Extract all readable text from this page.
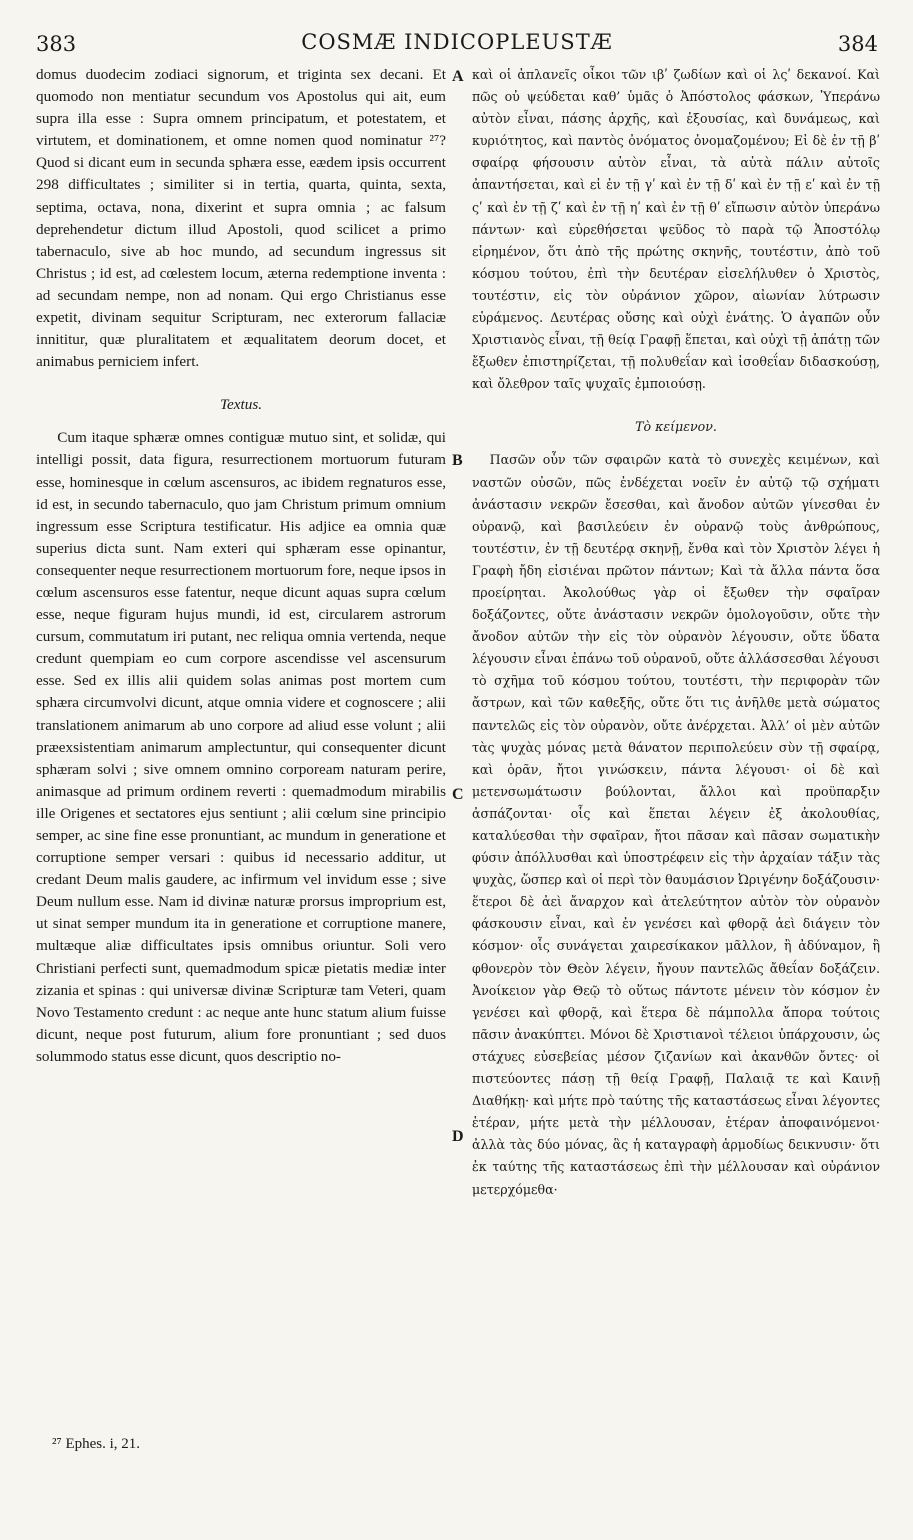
383	COSMÆ INDICOPLEUSTÆ	384

domus duodecim zodiaci signorum, et triginta sex decani. Et quomodo non mentiatur secundum vos Apostolus qui ait, eum supra illa esse : Supra omnem principatum, et potestatem, et virtutem, et dominationem, et omne nomen quod nominatur ²⁷? Quod si dicant eum in secunda sphæra esse, eædem ipsis occurrent 298 difficultates ; similiter si in tertia, quarta, quinta, sexta, septima, octava, nona, dixerint et supra omnia ; ac falsum deprehendetur dictum illud Apostoli, quod scilicet a primo tabernaculo, sive ab hoc mundo, ad secundum ingressus sit Christus ; id est, ad cœlestem locum, æterna redemptione inventa : ad secundam nempe, non ad nonam. Qui ergo Christianus esse expetit, divinam sequitur Scripturam, nec exterorum fallaciæ innititur, quæ pluralitatem et æqualitatem deorum docet, et animabus perniciem infert.

Textus.

Cum itaque sphæræ omnes contiguæ mutuo sint, et solidæ, qui intelligi possit, data figura, resurrectionem mortuorum futuram esse, hominesque in cœlum ascensuros, ac ibidem regnaturos esse, id est, in secundo tabernaculo, quo jam Christum primum omnium ingressum esse Scriptura testificatur. His adjice ea omnia quæ superius dicta sunt. Nam exteri qui sphæram esse opinantur, consequenter neque resurrectionem mortuorum fore, neque ipsos in cœlum ascensuros esse fatentur, neque dicunt aquas supra cœlum esse, neque figuram hujus mundi, id est, circularem astrorum cursum, commutatum iri putant, nec reliqua omnia vertenda, neque credunt quempiam eo cum corpore ascendisse vel ascensurum esse. Sed ex illis alii quidem solas animas post mortem cum sphæra circumvolvi dicunt, atque omnia videre et cognoscere ; alii translationem animarum ab uno corpore ad aliud esse volunt ; alii præexsistentiam animarum amplectuntur, qui consequenter dicunt sphæram solvi ; sive omnem omnino corpoream naturam perire, animasque ad primum ordinem reverti : quemadmodum mirabilis ille Origenes et sectatores ejus sentiunt ; alii cœlum sine principio semper, ac sine fine esse pronuntiant, ac mundum in generatione et corruptione semper versari : quibus id necessario additur, ut credant Deum malis gaudere, ac infirmum vel invidum esse ; sive Deum nullum esse. Nam id divinæ naturæ prorsus improprium est, ut sinat semper mundum ita in generatione et corruptione manere, multæque aliæ difficultates ipsis omnibus oriuntur. Soli vero Christiani perfecti sunt, quemadmodum spicæ pietatis mediæ inter zizania et spinas : qui universæ divinæ Scripturæ tam Veteri, quam Novo Testamento credunt : ac neque ante hunc statum alium fuisse dicunt, neque post futurum, alium fore pronuntiant ; sed duos solummodo status esse dicunt, quos descriptio no-

καὶ οἱ ἀπλανεῖς οἶκοι τῶν ιβʹ ζωδίων καὶ οἱ λςʹ δεκανοί. Καὶ πῶς οὐ ψεύδεται καθ’ ὑμᾶς ὁ Ἀπόστολος φάσκων, Ὑπεράνω αὐτὸν εἶναι, πάσης ἀρχῆς, καὶ ἐξουσίας, καὶ δυνάμεως, καὶ κυριότητος, καὶ παντὸς ὀνόματος ὀνομαζομένου; Εἰ δὲ ἐν τῇ βʹ σφαίρᾳ φήσουσιν αὐτὸν εἶναι, τὰ αὐτὰ πάλιν αὐτοῖς ἀπαντήσεται, καὶ εἰ ἐν τῇ γʹ καὶ ἐν τῇ δʹ καὶ ἐν τῇ εʹ καὶ ἐν τῇ ςʹ καὶ ἐν τῇ ζʹ καὶ ἐν τῇ ηʹ καὶ ἐν τῇ θʹ εἴπωσιν αὐτὸν ὑπεράνω πάντων· καὶ εὑρεθήσεται ψεῦδος τὸ παρὰ τῷ Ἀποστόλῳ εἰρημένον, ὅτι ἀπὸ τῆς πρώτης σκηνῆς, τουτέστιν, ἀπὸ τοῦ κόσμου τούτου, ἐπὶ τὴν δευτέραν εἰσελήλυθεν ὁ Χριστὸς, τουτέστιν, εἰς τὸν οὐράνιον χῶρον, αἰωνίαν λύτρωσιν εὑράμενος. Δευτέρας οὔσης καὶ οὐχὶ ἐνάτης. Ὁ ἀγαπῶν οὖν Χριστιανὸς εἶναι, τῇ θείᾳ Γραφῇ ἕπεται, καὶ οὐχὶ τῇ ἀπάτῃ τῶν ἔξωθεν ἐπιστηρίζεται, τῇ πολυθεΐαν καὶ ἰσοθεΐαν διδασκούσῃ, καὶ ὄλεθρον ταῖς ψυχαῖς ἐμποιούσῃ.

Τὸ κείμενον.

Πασῶν οὖν τῶν σφαιρῶν κατὰ τὸ συνεχὲς κειμένων, καὶ ναστῶν οὐσῶν, πῶς ἐνδέχεται νοεῖν ἐν αὐτῷ τῷ σχήματι ἀνάστασιν νεκρῶν ἔσεσθαι, καὶ ἄνοδον αὐτῶν γίνεσθαι ἐν οὐρανῷ, καὶ βασιλεύειν ἐν οὐρανῷ τοὺς ἀνθρώπους, τουτέστιν, ἐν τῇ δευτέρᾳ σκηνῇ, ἔνθα καὶ τὸν Χριστὸν λέγει ἡ Γραφὴ ἤδη εἰσιέναι πρῶτον πάντων; Καὶ τὰ ἄλλα πάντα ὅσα προείρηται. Ἀκολούθως γὰρ οἱ ἔξωθεν τὴν σφαῖραν δοξάζοντες, οὔτε ἀνάστασιν νεκρῶν ὁμολογοῦσιν, οὔτε τὴν ἄνοδον αὐτῶν τὴν εἰς τὸν οὐρανὸν λέγουσιν, οὔτε ὕδατα λέγουσιν εἶναι ἐπάνω τοῦ οὐρανοῦ, οὔτε ἀλλάσσεσθαι λέγουσι τὸ σχῆμα τοῦ κόσμου τούτου, τουτέστι, τὴν περιφορὰν τῶν ἄστρων, καὶ τῶν καθεξῆς, οὔτε ὅτι τις ἀνῆλθε μετὰ σώματος παντελῶς εἰς τὸν οὐρανὸν, οὔτε ἀνέρχεται. Ἀλλ’ οἱ μὲν αὐτῶν τὰς ψυχὰς μόνας μετὰ θάνατον περιπολεύειν σὺν τῇ σφαίρᾳ, καὶ ὁρᾶν, ἤτοι γινώσκειν, πάντα λέγουσι· οἱ δὲ καὶ μετενσωμάτωσιν βούλονται, ἄλλοι καὶ προϋπαρξιν ἀσπάζονται· οἷς καὶ ἕπεται λέγειν ἐξ ἀκολουθίας, καταλύεσθαι τὴν σφαῖραν, ἤτοι πᾶσαν καὶ πᾶσαν σωματικὴν φύσιν ἀπόλλυσθαι καὶ ὑποστρέφειν εἰς τὴν ἀρχαίαν τάξιν τὰς ψυχὰς, ὥσπερ καὶ οἱ περὶ τὸν θαυμάσιον Ὠριγένην δοξάζουσιν· ἕτεροι δὲ ἀεὶ ἄναρχον καὶ ἀτελεύτητον αὐτὸν τὸν οὐρανὸν φάσκουσιν εἶναι, καὶ ἐν γενέσει καὶ φθορᾷ ἀεὶ διάγειν τὸν κόσμον· οἷς συνάγεται χαιρεσίκακον μᾶλλον, ἢ ἀδύναμον, ἢ φθονερὸν τὸν Θεὸν λέγειν, ἤγουν παντελῶς ἄθεΐαν δοξάζειν. Ἀνοίκειον γὰρ Θεῷ τὸ οὕτως πάντοτε μένειν τὸν κόσμον ἐν γενέσει καὶ φθορᾷ, καὶ ἕτερα δὲ πάμπολλα ἄπορα τούτοις πᾶσιν ἀνακύπτει. Μόνοι δὲ Χριστιανοὶ τέλειοι ὑπάρχουσιν, ὡς στάχυες εὐσεβείας μέσον ζιζανίων καὶ ἀκανθῶν ὄντες· οἱ πιστεύοντες πάσῃ τῇ θείᾳ Γραφῇ, Παλαιᾷ τε καὶ Καινῇ Διαθήκῃ· καὶ μήτε πρὸ ταύτης τῆς καταστάσεως εἶναι λέγοντες ἑτέραν, μήτε μετὰ τὴν μέλλουσαν, ἑτέραν ἀποφαινόμενοι· ἀλλὰ τὰς δύο μόνας, ἃς ἡ καταγραφὴ ἁρμοδίως δεικνυσιν· ὅτι ἐκ ταύτης τῆς καταστάσεως ἐπὶ τὴν μέλλουσαν καὶ οὐράνιον μετερχόμεθα·

A
B
C
D
²⁷ Ephes. i, 21.
